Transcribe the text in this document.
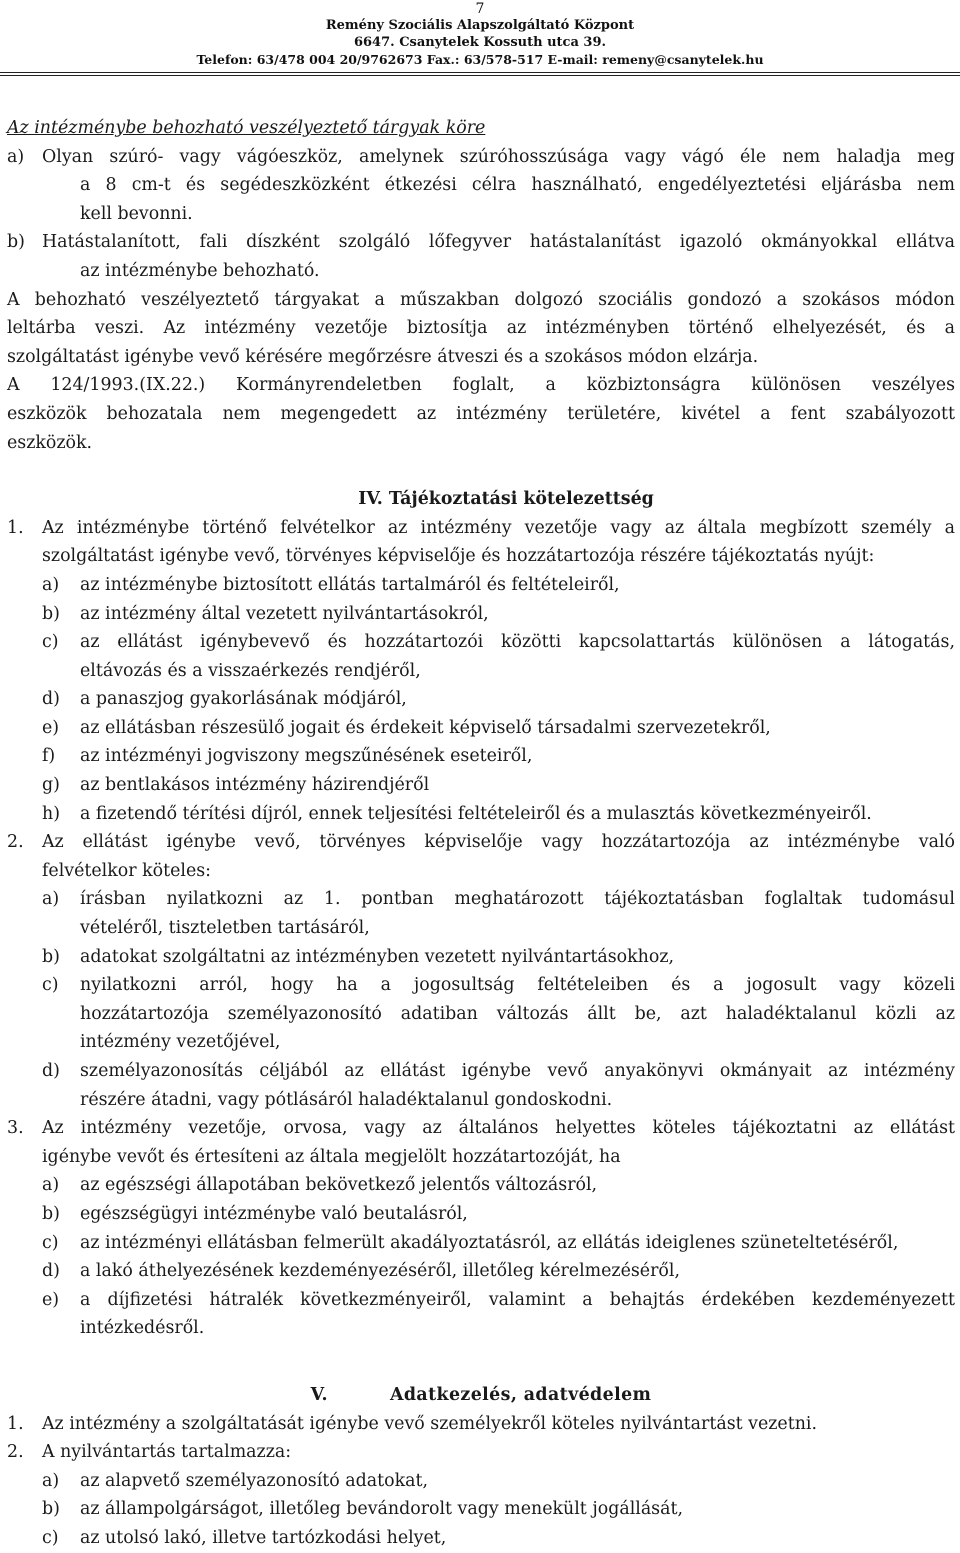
7
Remény Szociális Alapszolgáltató Központ
6647. Csanytelek Kossuth utca 39.
Telefon: 63/478 004 20/9762673 Fax.: 63/578-517 E-mail: remeny@csanytelek.hu

Az intézménybe behozható veszélyeztető tárgyak köre

a) Olyan szúró- vagy vágóeszköz, amelynek szúróhosszúsága vagy vágó éle nem haladja meg

a 8 cm-t és segédeszközként étkezési célra használható, engedélyeztetési eljárásba nem

kell bevonni.

b) Hatástalanított, fali díszként szolgáló lőfegyver hatástalanítást igazoló okmányokkal ellátva

az intézménybe behozható.

A behozható veszélyeztető tárgyakat a műszakban dolgozó szociális gondozó a szokásos módon

leltárba veszi. Az intézmény vezetője biztosítja az intézményben történő elhelyezését, és a

szolgáltatást igénybe vevő kérésére megőrzésre átveszi és a szokásos módon elzárja.

A 124/1993.(IX.22.) Kormányrendeletben foglalt, a közbiztonságra különösen veszélyes

eszközök behozatala nem megengedett az intézmény területére, kivétel a fent szabályozott

eszközök.

IV. Tájékoztatási kötelezettség

1. Az intézménybe történő felvételkor az intézmény vezetője vagy az általa megbízott személy a

szolgáltatást igénybe vevő, törvényes képviselője és hozzátartozója részére tájékoztatás nyújt:

a) az intézménybe biztosított ellátás tartalmáról és feltételeiről,

b) az intézmény által vezetett nyilvántartásokról,

c) az ellátást igénybevevő és hozzátartozói közötti kapcsolattartás különösen a látogatás,

eltávozás és a visszaérkezés rendjéről,

d) a panaszjog gyakorlásának módjáról,

e) az ellátásban részesülő jogait és érdekeit képviselő társadalmi szervezetekről,

f) az intézményi jogviszony megszűnésének eseteiről,

g) az bentlakásos intézmény házirendjéről

h) a fizetendő térítési díjról, ennek teljesítési feltételeiről és a mulasztás következményeiről.

2. Az ellátást igénybe vevő, törvényes képviselője vagy hozzátartozója az intézménybe való

felvételkor köteles:

a) írásban nyilatkozni az 1. pontban meghatározott tájékoztatásban foglaltak tudomásul

vételéről, tiszteletben tartásáról,

b) adatokat szolgáltatni az intézményben vezetett nyilvántartásokhoz,

c) nyilatkozni arról, hogy ha a jogosultság feltételeiben és a jogosult vagy közeli

hozzátartozója személyazonosító adatiban változás állt be, azt haladéktalanul közli az

intézmény vezetőjével,

d) személyazonosítás céljából az ellátást igénybe vevő anyakönyvi okmányait az intézmény

részére átadni, vagy pótlásáról haladéktalanul gondoskodni.

3. Az intézmény vezetője, orvosa, vagy az általános helyettes köteles tájékoztatni az ellátást

igénybe vevőt és értesíteni az általa megjelölt hozzátartozóját, ha

a) az egészségi állapotában bekövetkező jelentős változásról,

b) egészségügyi intézménybe való beutalásról,

c) az intézményi ellátásban felmerült akadályoztatásról, az ellátás ideiglenes szüneteltetéséről,

d) a lakó áthelyezésének kezdeményezéséről, illetőleg kérelmezéséről,

e) a díjfizetési hátralék következményeiről, valamint a behajtás érdekében kezdeményezett

intézkedésről.

V.	Adatkezelés, adatvédelem

1. Az intézmény a szolgáltatását igénybe vevő személyekről köteles nyilvántartást vezetni.

2. A nyilvántartás tartalmazza:

a) az alapvető személyazonosító adatokat,

b) az állampolgárságot, illetőleg bevándorolt vagy menekült jogállását,

c) az utolsó lakó, illetve tartózkodási helyet,
